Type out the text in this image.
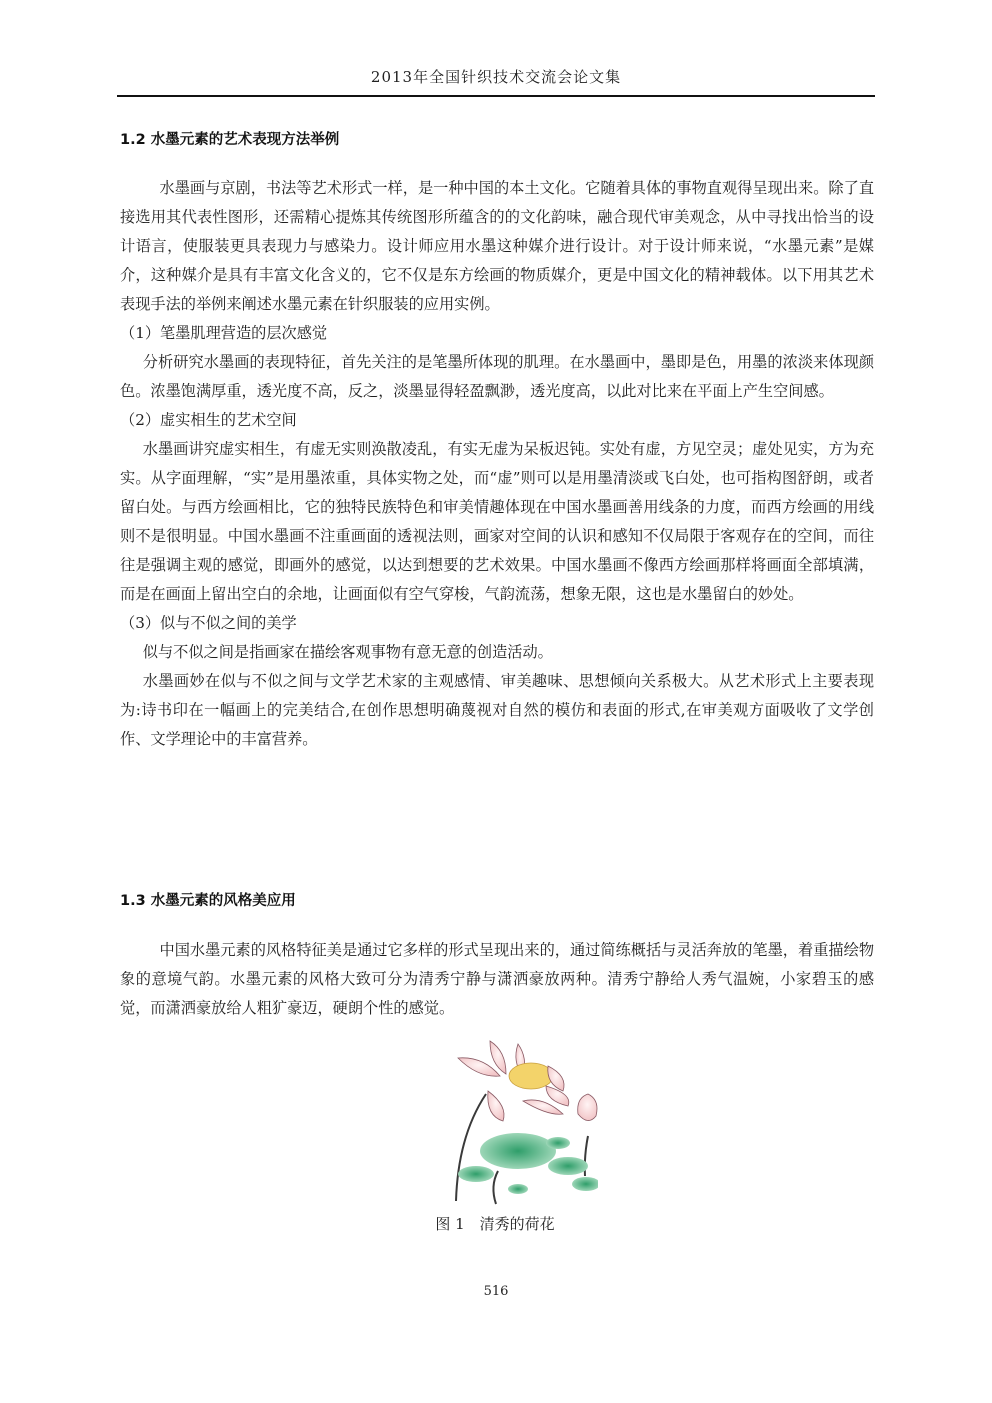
2013年全国针织技术交流会论文集
1.2 水墨元素的艺术表现方法举例

水墨画与京剧，书法等艺术形式一样，是一种中国的本土文化。它随着具体的事物直观得呈现出来。除了直接选用其代表性图形，还需精心提炼其传统图形所蕴含的的文化韵味，融合现代审美观念，从中寻找出恰当的设计语言，使服装更具表现力与感染力。设计师应用水墨这种媒介进行设计。对于设计师来说，“水墨元素”是媒介，这种媒介是具有丰富文化含义的，它不仅是东方绘画的物质媒介，更是中国文化的精神载体。以下用其艺术表现手法的举例来阐述水墨元素在针织服装的应用实例。

（1）笔墨肌理营造的层次感觉

分析研究水墨画的表现特征，首先关注的是笔墨所体现的肌理。在水墨画中，墨即是色，用墨的浓淡来体现颜色。浓墨饱满厚重，透光度不高，反之，淡墨显得轻盈飘渺，透光度高，以此对比来在平面上产生空间感。

（2）虚实相生的艺术空间

水墨画讲究虚实相生，有虚无实则涣散凌乱，有实无虚为呆板迟钝。实处有虚，方见空灵；虚处见实，方为充实。从字面理解，“实”是用墨浓重，具体实物之处，而“虚”则可以是用墨清淡或飞白处，也可指构图舒朗，或者留白处。与西方绘画相比，它的独特民族特色和审美情趣体现在中国水墨画善用线条的力度，而西方绘画的用线则不是很明显。中国水墨画不注重画面的透视法则，画家对空间的认识和感知不仅局限于客观存在的空间，而往往是强调主观的感觉，即画外的感觉，以达到想要的艺术效果。中国水墨画不像西方绘画那样将画面全部填满，而是在画面上留出空白的余地，让画面似有空气穿梭，气韵流荡，想象无限，这也是水墨留白的妙处。

（3）似与不似之间的美学

似与不似之间是指画家在描绘客观事物有意无意的创造活动。

水墨画妙在似与不似之间与文学艺术家的主观感情、审美趣味、思想倾向关系极大。从艺术形式上主要表现为:诗书印在一幅画上的完美结合,在创作思想明确蔑视对自然的模仿和表面的形式,在审美观方面吸收了文学创作、文学理论中的丰富营养。

1.3 水墨元素的风格美应用

中国水墨元素的风格特征美是通过它多样的形式呈现出来的，通过简练概括与灵活奔放的笔墨，着重描绘物象的意境气韵。水墨元素的风格大致可分为清秀宁静与潇洒豪放两种。清秀宁静给人秀气温婉，小家碧玉的感觉，而潇洒豪放给人粗犷豪迈，硬朗个性的感觉。

图 1　清秀的荷花
516
